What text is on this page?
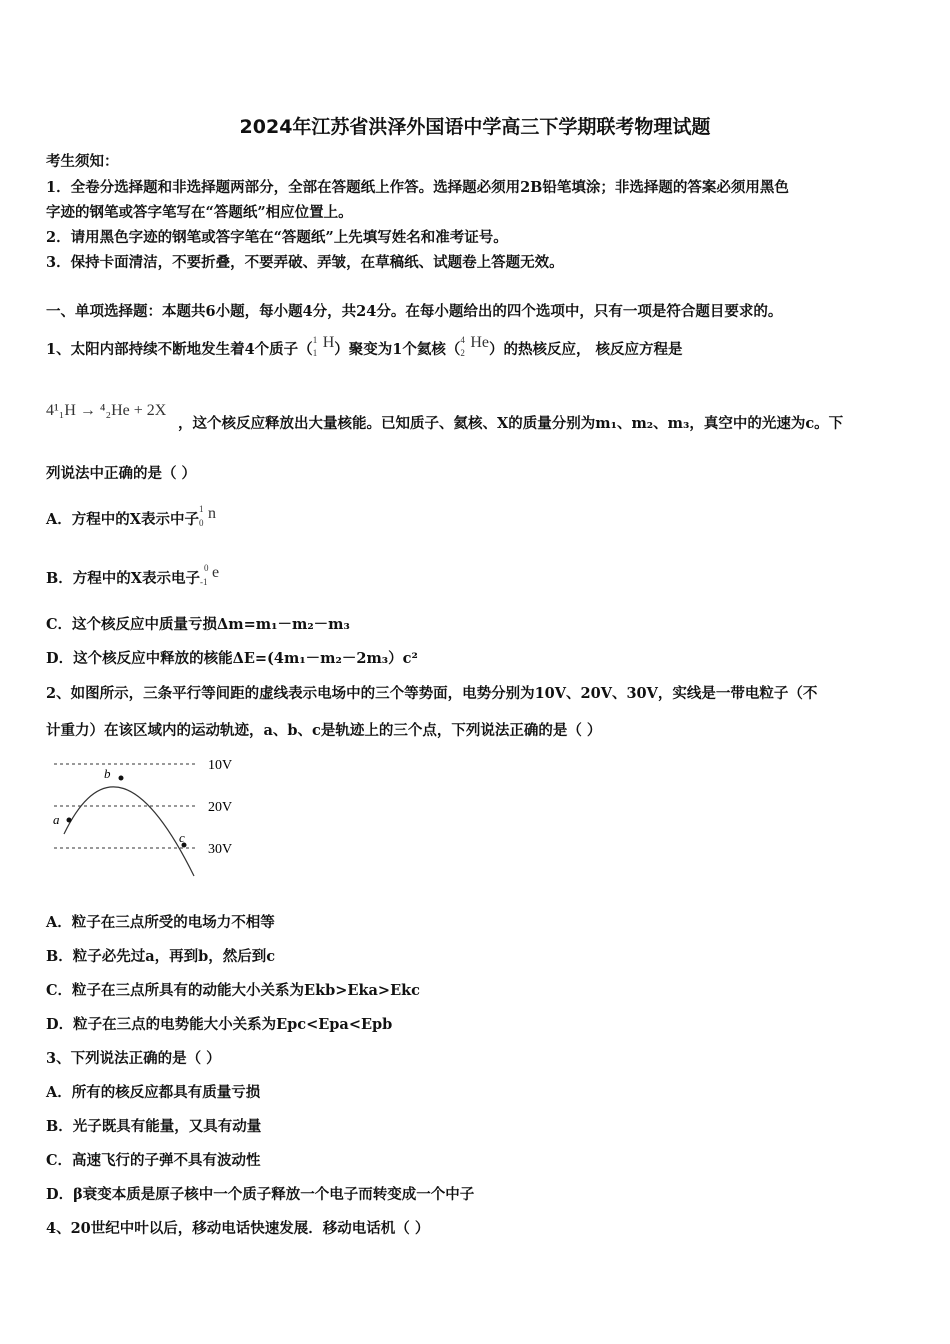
2024年江苏省洪泽外国语中学高三下学期联考物理试题
考生须知：
1．全卷分选择题和非选择题两部分，全部在答题纸上作答。选择题必须用2B铅笔填涂；非选择题的答案必须用黑色
字迹的钢笔或答字笔写在“答题纸”相应位置上。
2．请用黑色字迹的钢笔或答字笔在“答题纸”上先填写姓名和准考证号。
3．保持卡面清洁，不要折叠，不要弄破、弄皱，在草稿纸、试题卷上答题无效。
一、单项选择题：本题共6小题，每小题4分，共24分。在每小题给出的四个选项中，只有一项是符合题目要求的。
1、太阳内部持续不断地发生着4个质子（
1
1
H）聚变为1个氦核（
4
2
He）的热核反应， 核反应方程是
4¹₁H → ⁴₂He + 2X
，这个核反应释放出大量核能。已知质子、氦核、X的质量分别为m₁、m₂、m₃，真空中的光速为c。下
列说法中正确的是（ ）
A．方程中的X表示中子
1
0
n
B．方程中的X表示电子
0
-1
e
C．这个核反应中质量亏损Δm=m₁－m₂－m₃
D．这个核反应中释放的核能ΔE=(4m₁－m₂－2m₃）c²
2、如图所示，三条平行等间距的虚线表示电场中的三个等势面，电势分别为10V、20V、30V，实线是一带电粒子（不
计重力）在该区域内的运动轨迹，a、b、c是轨迹上的三个点，下列说法正确的是（ ）
10V
20V
30V
a
b
c
A．粒子在三点所受的电场力不相等
B．粒子必先过a，再到b，然后到c
C．粒子在三点所具有的动能大小关系为Ekb>Eka>Ekc
D．粒子在三点的电势能大小关系为Epc<Epa<Epb
3、下列说法正确的是（ ）
A．所有的核反应都具有质量亏损
B．光子既具有能量，又具有动量
C．高速飞行的子弹不具有波动性
D．β衰变本质是原子核中一个质子释放一个电子而转变成一个中子
4、20世纪中叶以后，移动电话快速发展．移动电话机（ ）
